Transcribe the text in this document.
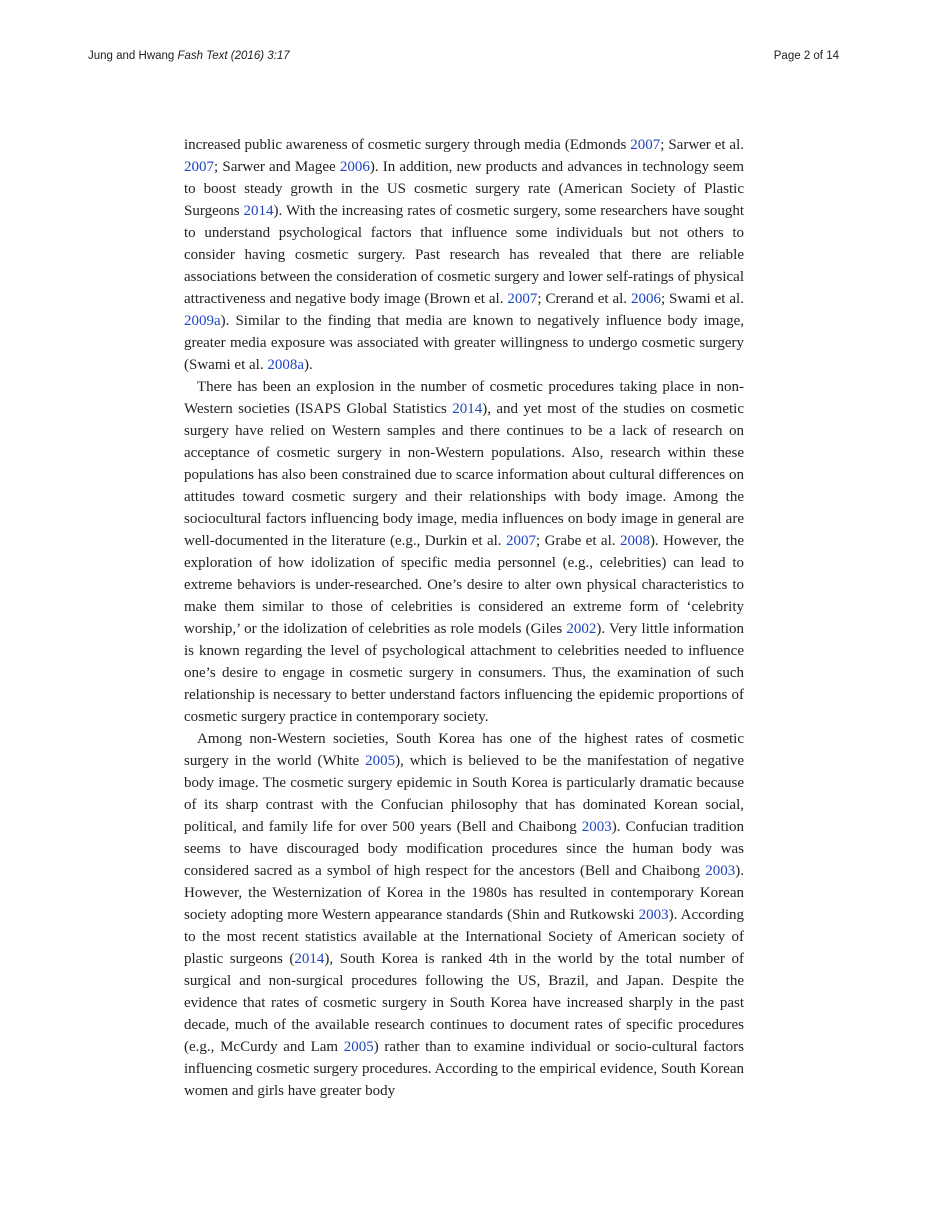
Jung and Hwang Fash Text (2016) 3:17	Page 2 of 14

increased public awareness of cosmetic surgery through media (Edmonds 2007; Sarwer et al. 2007; Sarwer and Magee 2006). In addition, new products and advances in technology seem to boost steady growth in the US cosmetic surgery rate (American Society of Plastic Surgeons 2014). With the increasing rates of cosmetic surgery, some researchers have sought to understand psychological factors that influence some individuals but not others to consider having cosmetic surgery. Past research has revealed that there are reliable associations between the consideration of cosmetic surgery and lower self-ratings of physical attractiveness and negative body image (Brown et al. 2007; Crerand et al. 2006; Swami et al. 2009a). Similar to the finding that media are known to negatively influence body image, greater media exposure was associated with greater willingness to undergo cosmetic surgery (Swami et al. 2008a).

There has been an explosion in the number of cosmetic procedures taking place in non-Western societies (ISAPS Global Statistics 2014), and yet most of the studies on cosmetic surgery have relied on Western samples and there continues to be a lack of research on acceptance of cosmetic surgery in non-Western populations. Also, research within these populations has also been constrained due to scarce information about cultural differences on attitudes toward cosmetic surgery and their relationships with body image. Among the sociocultural factors influencing body image, media influences on body image in general are well-documented in the literature (e.g., Durkin et al. 2007; Grabe et al. 2008). However, the exploration of how idolization of specific media personnel (e.g., celebrities) can lead to extreme behaviors is under-researched. One’s desire to alter own physical characteristics to make them similar to those of celebrities is considered an extreme form of ‘celebrity worship,’ or the idolization of celebrities as role models (Giles 2002). Very little information is known regarding the level of psychological attachment to celebrities needed to influence one’s desire to engage in cosmetic surgery in consumers. Thus, the examination of such relationship is necessary to better understand factors influencing the epidemic proportions of cosmetic surgery practice in contemporary society.

Among non-Western societies, South Korea has one of the highest rates of cosmetic surgery in the world (White 2005), which is believed to be the manifestation of negative body image. The cosmetic surgery epidemic in South Korea is particularly dramatic because of its sharp contrast with the Confucian philosophy that has dominated Korean social, political, and family life for over 500 years (Bell and Chaibong 2003). Confucian tradition seems to have discouraged body modification procedures since the human body was considered sacred as a symbol of high respect for the ancestors (Bell and Chaibong 2003). However, the Westernization of Korea in the 1980s has resulted in contemporary Korean society adopting more Western appearance standards (Shin and Rutkowski 2003). According to the most recent statistics available at the International Society of American society of plastic surgeons (2014), South Korea is ranked 4th in the world by the total number of surgical and non-surgical procedures following the US, Brazil, and Japan. Despite the evidence that rates of cosmetic surgery in South Korea have increased sharply in the past decade, much of the available research continues to document rates of specific procedures (e.g., McCurdy and Lam 2005) rather than to examine individual or socio-cultural factors influencing cosmetic surgery procedures. According to the empirical evidence, South Korean women and girls have greater body
